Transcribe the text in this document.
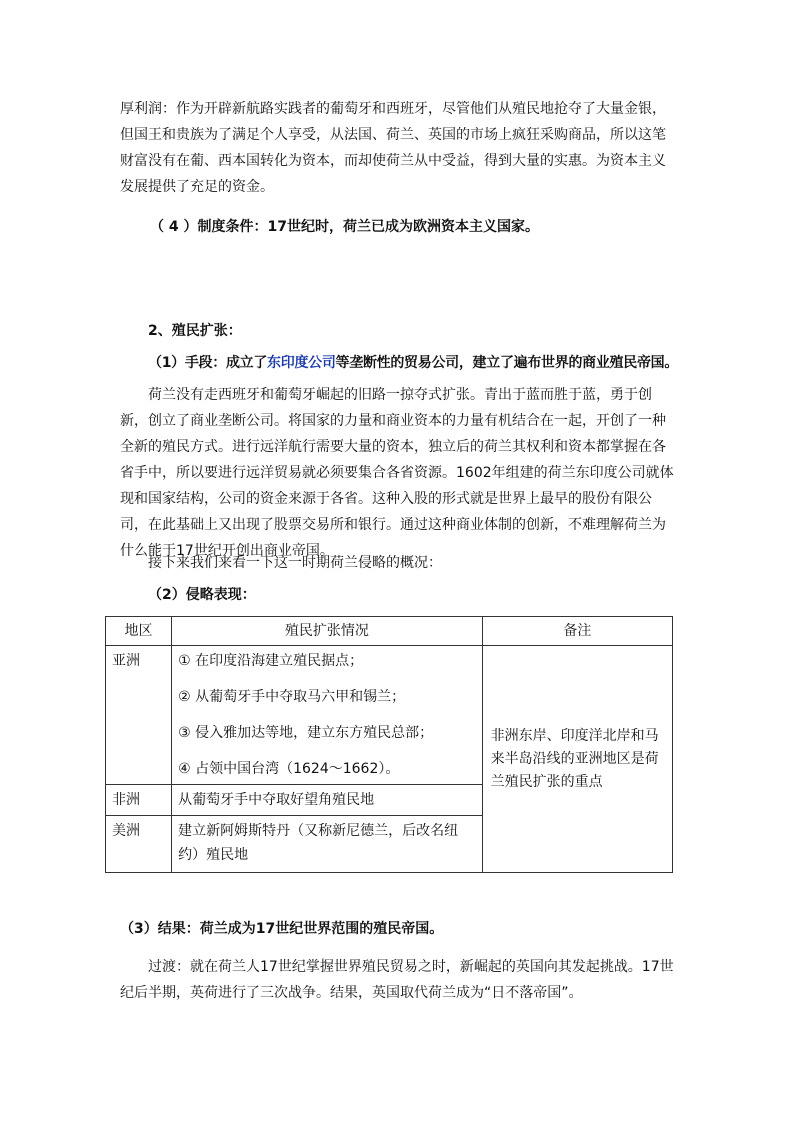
厚利润：作为开辟新航路实践者的葡萄牙和西班牙，尽管他们从殖民地抢夺了大量金银，但国王和贵族为了满足个人享受，从法国、荷兰、英国的市场上疯狂采购商品，所以这笔财富没有在葡、西本国转化为资本，而却使荷兰从中受益，得到大量的实惠。为资本主义发展提供了充足的资金。

（ 4 ）制度条件：17世纪时，荷兰已成为欧洲资本主义国家。

2、殖民扩张：

（1）手段：成立了东印度公司等垄断性的贸易公司，建立了遍布世界的商业殖民帝国。

荷兰没有走西班牙和葡萄牙崛起的旧路一掠夺式扩张。青出于蓝而胜于蓝，勇于创新，创立了商业垄断公司。将国家的力量和商业资本的力量有机结合在一起，开创了一种全新的殖民方式。进行远洋航行需要大量的资本，独立后的荷兰其权利和资本都掌握在各省手中，所以要进行远洋贸易就必须要集合各省资源。1602年组建的荷兰东印度公司就体现和国家结构，公司的资金来源于各省。这种入股的形式就是世界上最早的股份有限公司，在此基础上又出现了股票交易所和银行。通过这种商业体制的创新，不难理解荷兰为什么能于17世纪开创出商业帝国。

接下来我们来看一下这一时期荷兰侵略的概况：

（2）侵略表现：

地区	殖民扩张情况	备注
亚洲	① 在印度沿海建立殖民据点；
② 从葡萄牙手中夺取马六甲和锡兰；
③ 侵入雅加达等地，建立东方殖民总部；
④ 占领中国台湾（1624～1662）。	非洲东岸、印度洋北岸和马来半岛沿线的亚洲地区是荷兰殖民扩张的重点
非洲	从葡萄牙手中夺取好望角殖民地	
美洲	建立新阿姆斯特丹（又称新尼德兰，后改名纽约）殖民地	

（3）结果：荷兰成为17世纪世界范围的殖民帝国。

过渡：就在荷兰人17世纪掌握世界殖民贸易之时，新崛起的英国向其发起挑战。17世纪后半期，英荷进行了三次战争。结果，英国取代荷兰成为“日不落帝国”。
